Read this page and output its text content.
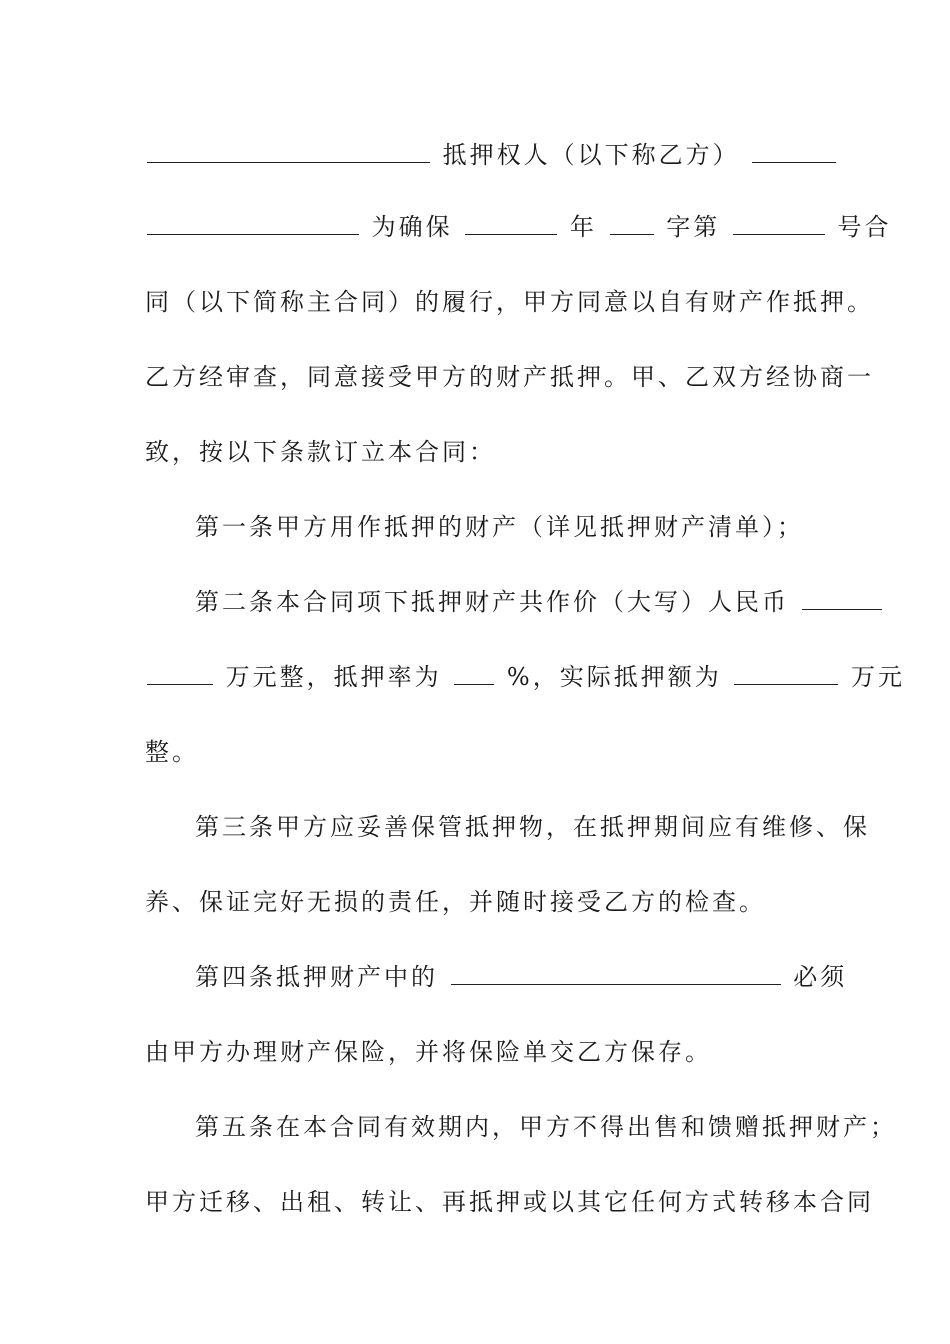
抵押权人（以下称乙方）
为确保	年	字第	号合
同（以下简称主合同）的履行，甲方同意以自有财产作抵押。
乙方经审查，同意接受甲方的财产抵押。甲、乙双方经协商一
致，按以下条款订立本合同：
第一条甲方用作抵押的财产（详见抵押财产清单）；
第二条本合同项下抵押财产共作价（大写）人民币
万元整，抵押率为	%，实际抵押额为	万元
整。
第三条甲方应妥善保管抵押物，在抵押期间应有维修、保
养、保证完好无损的责任，并随时接受乙方的检查。
第四条抵押财产中的	必须
由甲方办理财产保险，并将保险单交乙方保存。
第五条在本合同有效期内，甲方不得出售和馈赠抵押财产；
甲方迁移、出租、转让、再抵押或以其它任何方式转移本合同
